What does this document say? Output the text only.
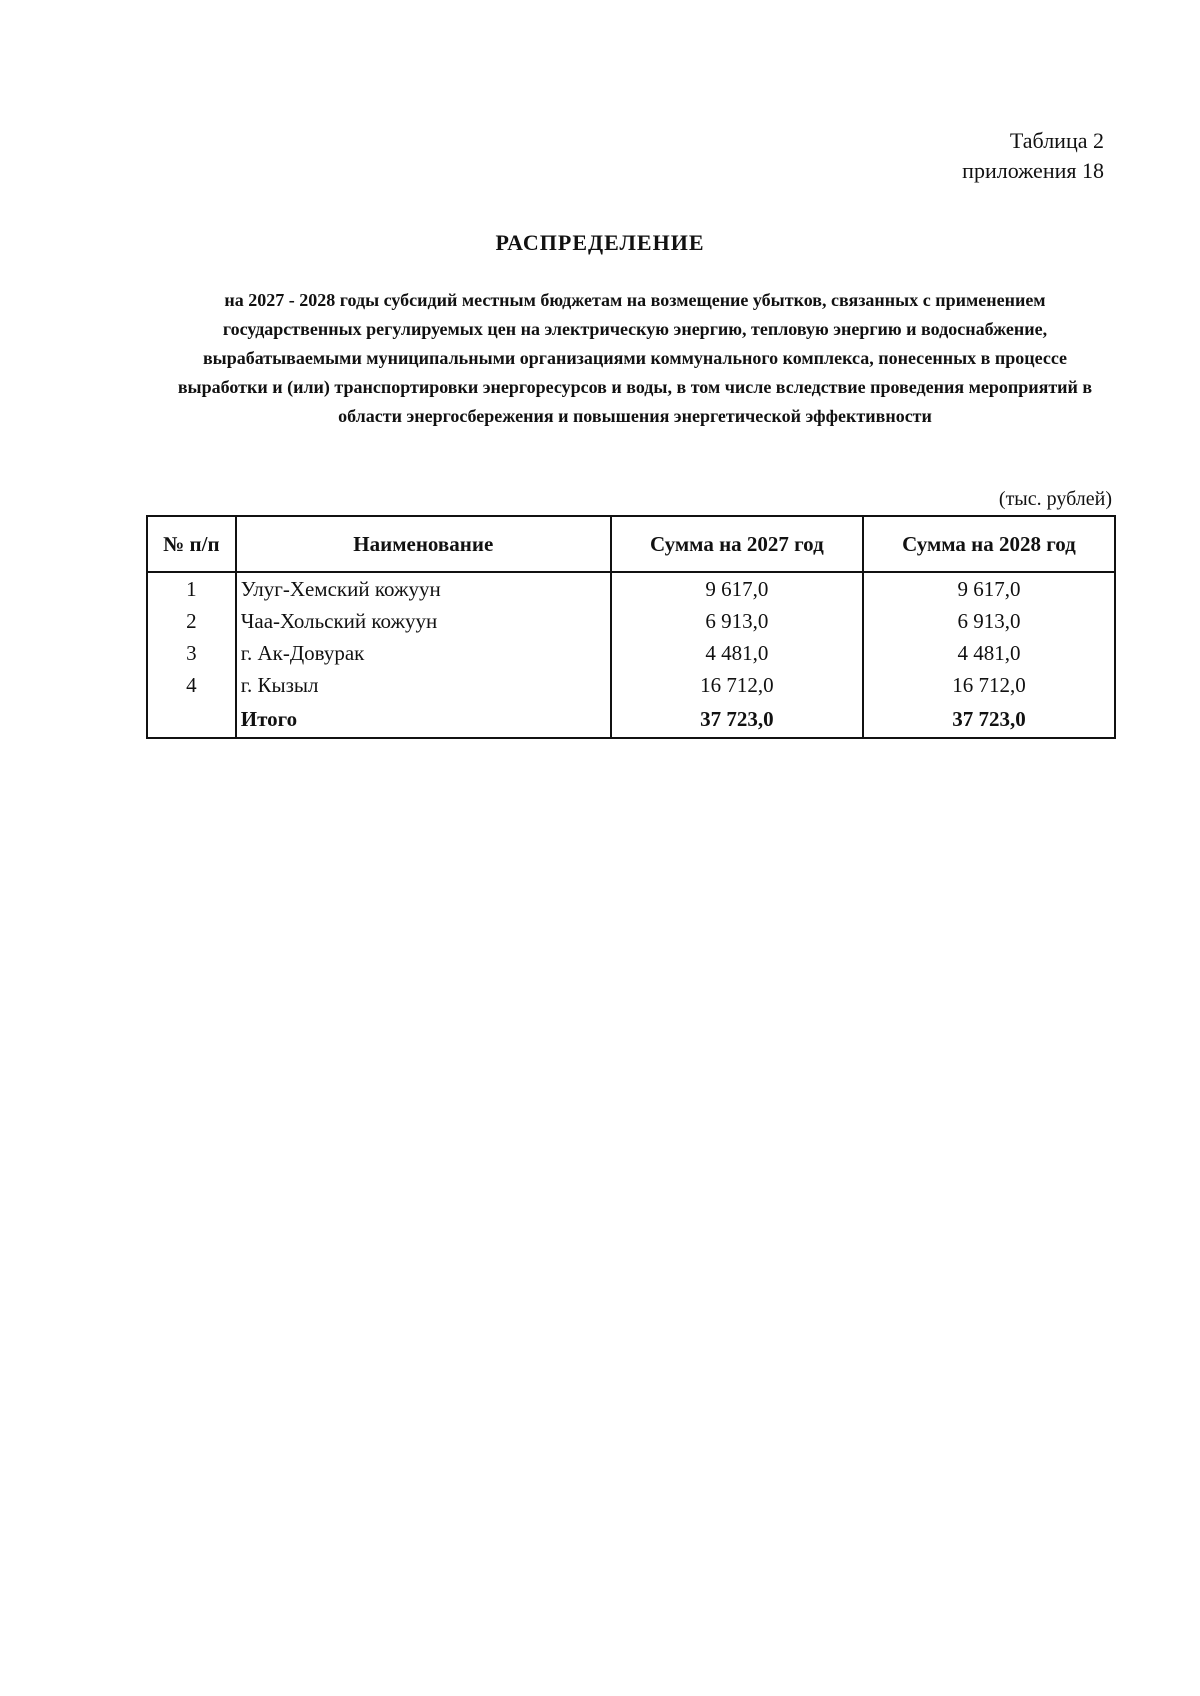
Таблица 2
приложения 18
РАСПРЕДЕЛЕНИЕ
на 2027 - 2028 годы субсидий местным бюджетам на возмещение убытков, связанных с применением государственных регулируемых цен на электрическую энергию, тепловую энергию и водоснабжение, вырабатываемыми муниципальными организациями коммунального комплекса, понесенных в процессе выработки и (или) транспортировки энергоресурсов и воды, в том числе вследствие проведения мероприятий в области энергосбережения и повышения энергетической эффективности
(тыс. рублей)
№ п/п	Наименование	Сумма на 2027 год	Сумма на 2028 год
1	Улуг-Хемский кожуун	9 617,0	9 617,0
2	Чаа-Хольский кожуун	6 913,0	6 913,0
3	г. Ак-Довурак	4 481,0	4 481,0
4	г. Кызыл	16 712,0	16 712,0
	Итого	37 723,0	37 723,0
